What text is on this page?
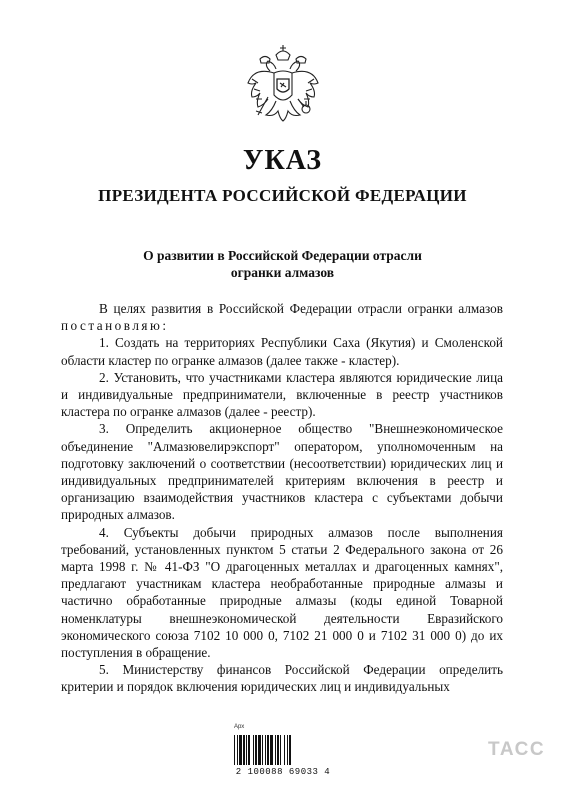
УКАЗ
ПРЕЗИДЕНТА РОССИЙСКОЙ ФЕДЕРАЦИИ
О развитии в Российской Федерации отрасли
огранки алмазов

В целях развития в Российской Федерации отрасли огранки алмазов постановляю:

1. Создать на территориях Республики Саха (Якутия) и Смоленской области кластер по огранке алмазов (далее также - кластер).

2. Установить, что участниками кластера являются юридические лица и индивидуальные предприниматели, включенные в реестр участников кластера по огранке алмазов (далее - реестр).

3. Определить акционерное общество "Внешнеэкономическое объединение "Алмазювелирэкспорт" оператором, уполномоченным на подготовку заключений о соответствии (несоответствии) юридических лиц и индивидуальных предпринимателей критериям включения в реестр и организацию взаимодействия участников кластера с субъектами добычи природных алмазов.

4. Субъекты добычи природных алмазов после выполнения требований, установленных пунктом 5 статьи 2 Федерального закона от 26 марта 1998 г. № 41-ФЗ "О драгоценных металлах и драгоценных камнях", предлагают участникам кластера необработанные природные алмазы и частично обработанные природные алмазы (коды единой Товарной номенклатуры внешнеэкономической деятельности Евразийского экономического союза 7102 10 000 0, 7102 21 000 0 и 7102 31 000 0) до их поступления в обращение.

5. Министерству финансов Российской Федерации определить критерии и порядок включения юридических лиц и индивидуальных

Арх
2 100088 69033 4
ТАСС
